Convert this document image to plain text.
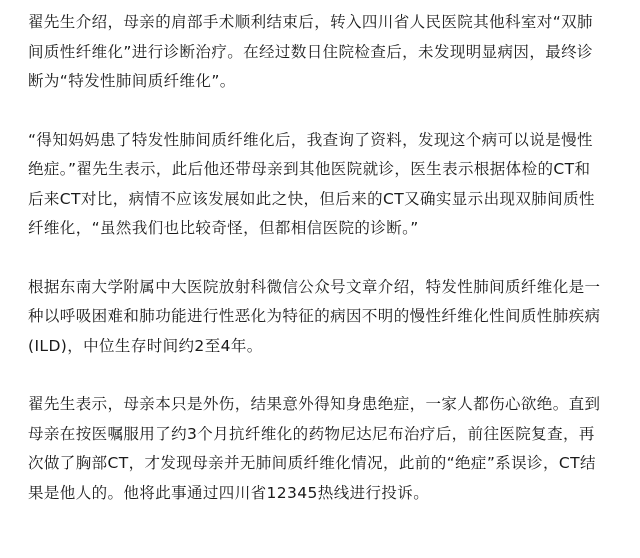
翟先生介绍，母亲的肩部手术顺利结束后，转入四川省人民医院其他科室对“双肺
间质性纤维化”进行诊断治疗。在经过数日住院检查后，未发现明显病因，最终诊
断为“特发性肺间质纤维化”。

“得知妈妈患了特发性肺间质纤维化后，我查询了资料，发现这个病可以说是慢性
绝症。”翟先生表示，此后他还带母亲到其他医院就诊，医生表示根据体检的CT和
后来CT对比，病情不应该发展如此之快，但后来的CT又确实显示出现双肺间质性
纤维化，“虽然我们也比较奇怪，但都相信医院的诊断。”

根据东南大学附属中大医院放射科微信公众号文章介绍，特发性肺间质纤维化是一
种以呼吸困难和肺功能进行性恶化为特征的病因不明的慢性纤维化性间质性肺疾病
(ILD)，中位生存时间约2至4年。

翟先生表示，母亲本只是外伤，结果意外得知身患绝症，一家人都伤心欲绝。直到
母亲在按医嘱服用了约3个月抗纤维化的药物尼达尼布治疗后，前往医院复查，再
次做了胸部CT，才发现母亲并无肺间质纤维化情况，此前的“绝症”系误诊，CT结
果是他人的。他将此事通过四川省12345热线进行投诉。
